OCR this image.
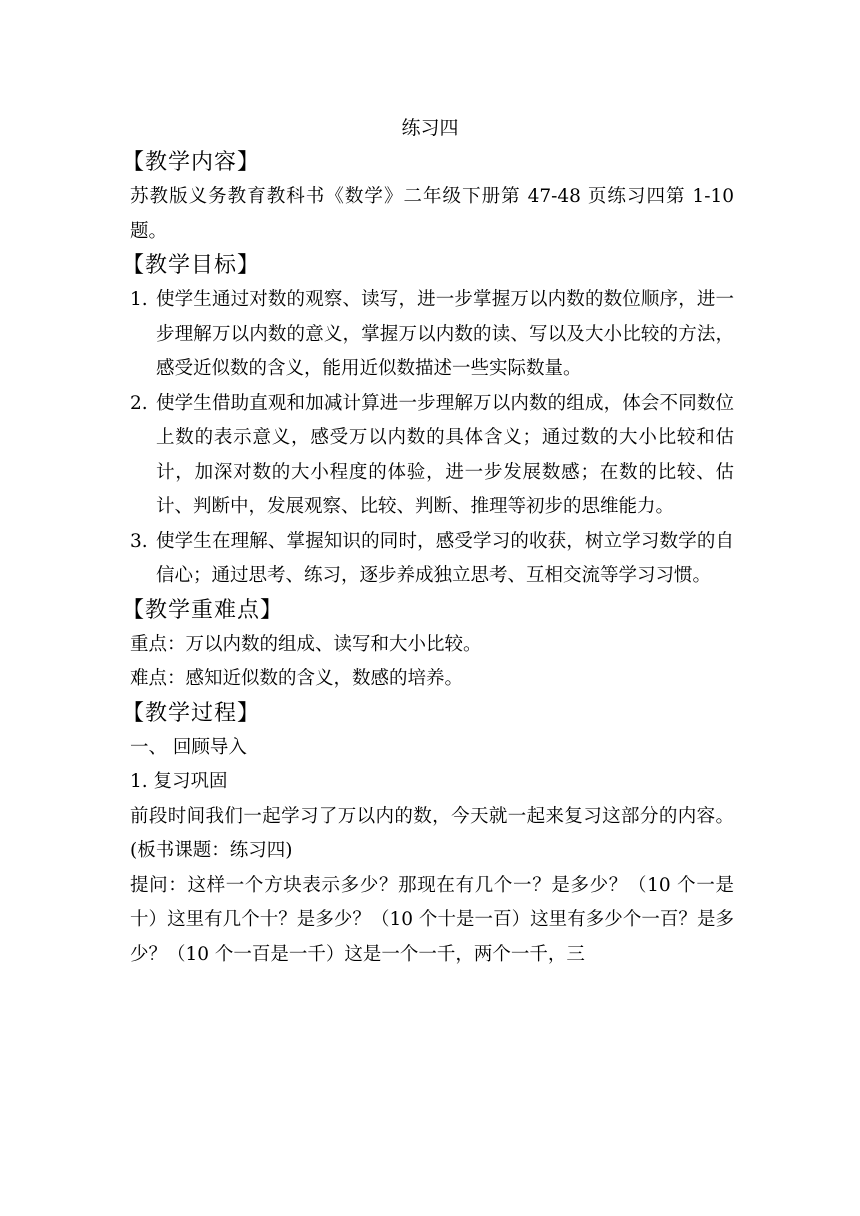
练习四
【教学内容】

苏教版义务教育教科书《数学》二年级下册第 47-48 页练习四第 1-10 题。

【教学目标】
1. 使学生通过对数的观察、读写，进一步掌握万以内数的数位顺序，进一步理解万以内数的意义，掌握万以内数的读、写以及大小比较的方法，感受近似数的含义，能用近似数描述一些实际数量。
2. 使学生借助直观和加减计算进一步理解万以内数的组成，体会不同数位上数的表示意义，感受万以内数的具体含义；通过数的大小比较和估计，加深对数的大小程度的体验，进一步发展数感；在数的比较、估计、判断中，发展观察、比较、判断、推理等初步的思维能力。
3. 使学生在理解、掌握知识的同时，感受学习的收获，树立学习数学的自信心；通过思考、练习，逐步养成独立思考、互相交流等学习习惯。
【教学重难点】

重点：万以内数的组成、读写和大小比较。

难点：感知近似数的含义，数感的培养。

【教学过程】

一、 回顾导入

1. 复习巩固

前段时间我们一起学习了万以内的数，今天就一起来复习这部分的内容。(板书课题：练习四)

提问：这样一个方块表示多少？那现在有几个一？是多少？（10 个一是十）这里有几个十？是多少？（10 个十是一百）这里有多少个一百？是多少？（10 个一百是一千）这是一个一千，两个一千，三
